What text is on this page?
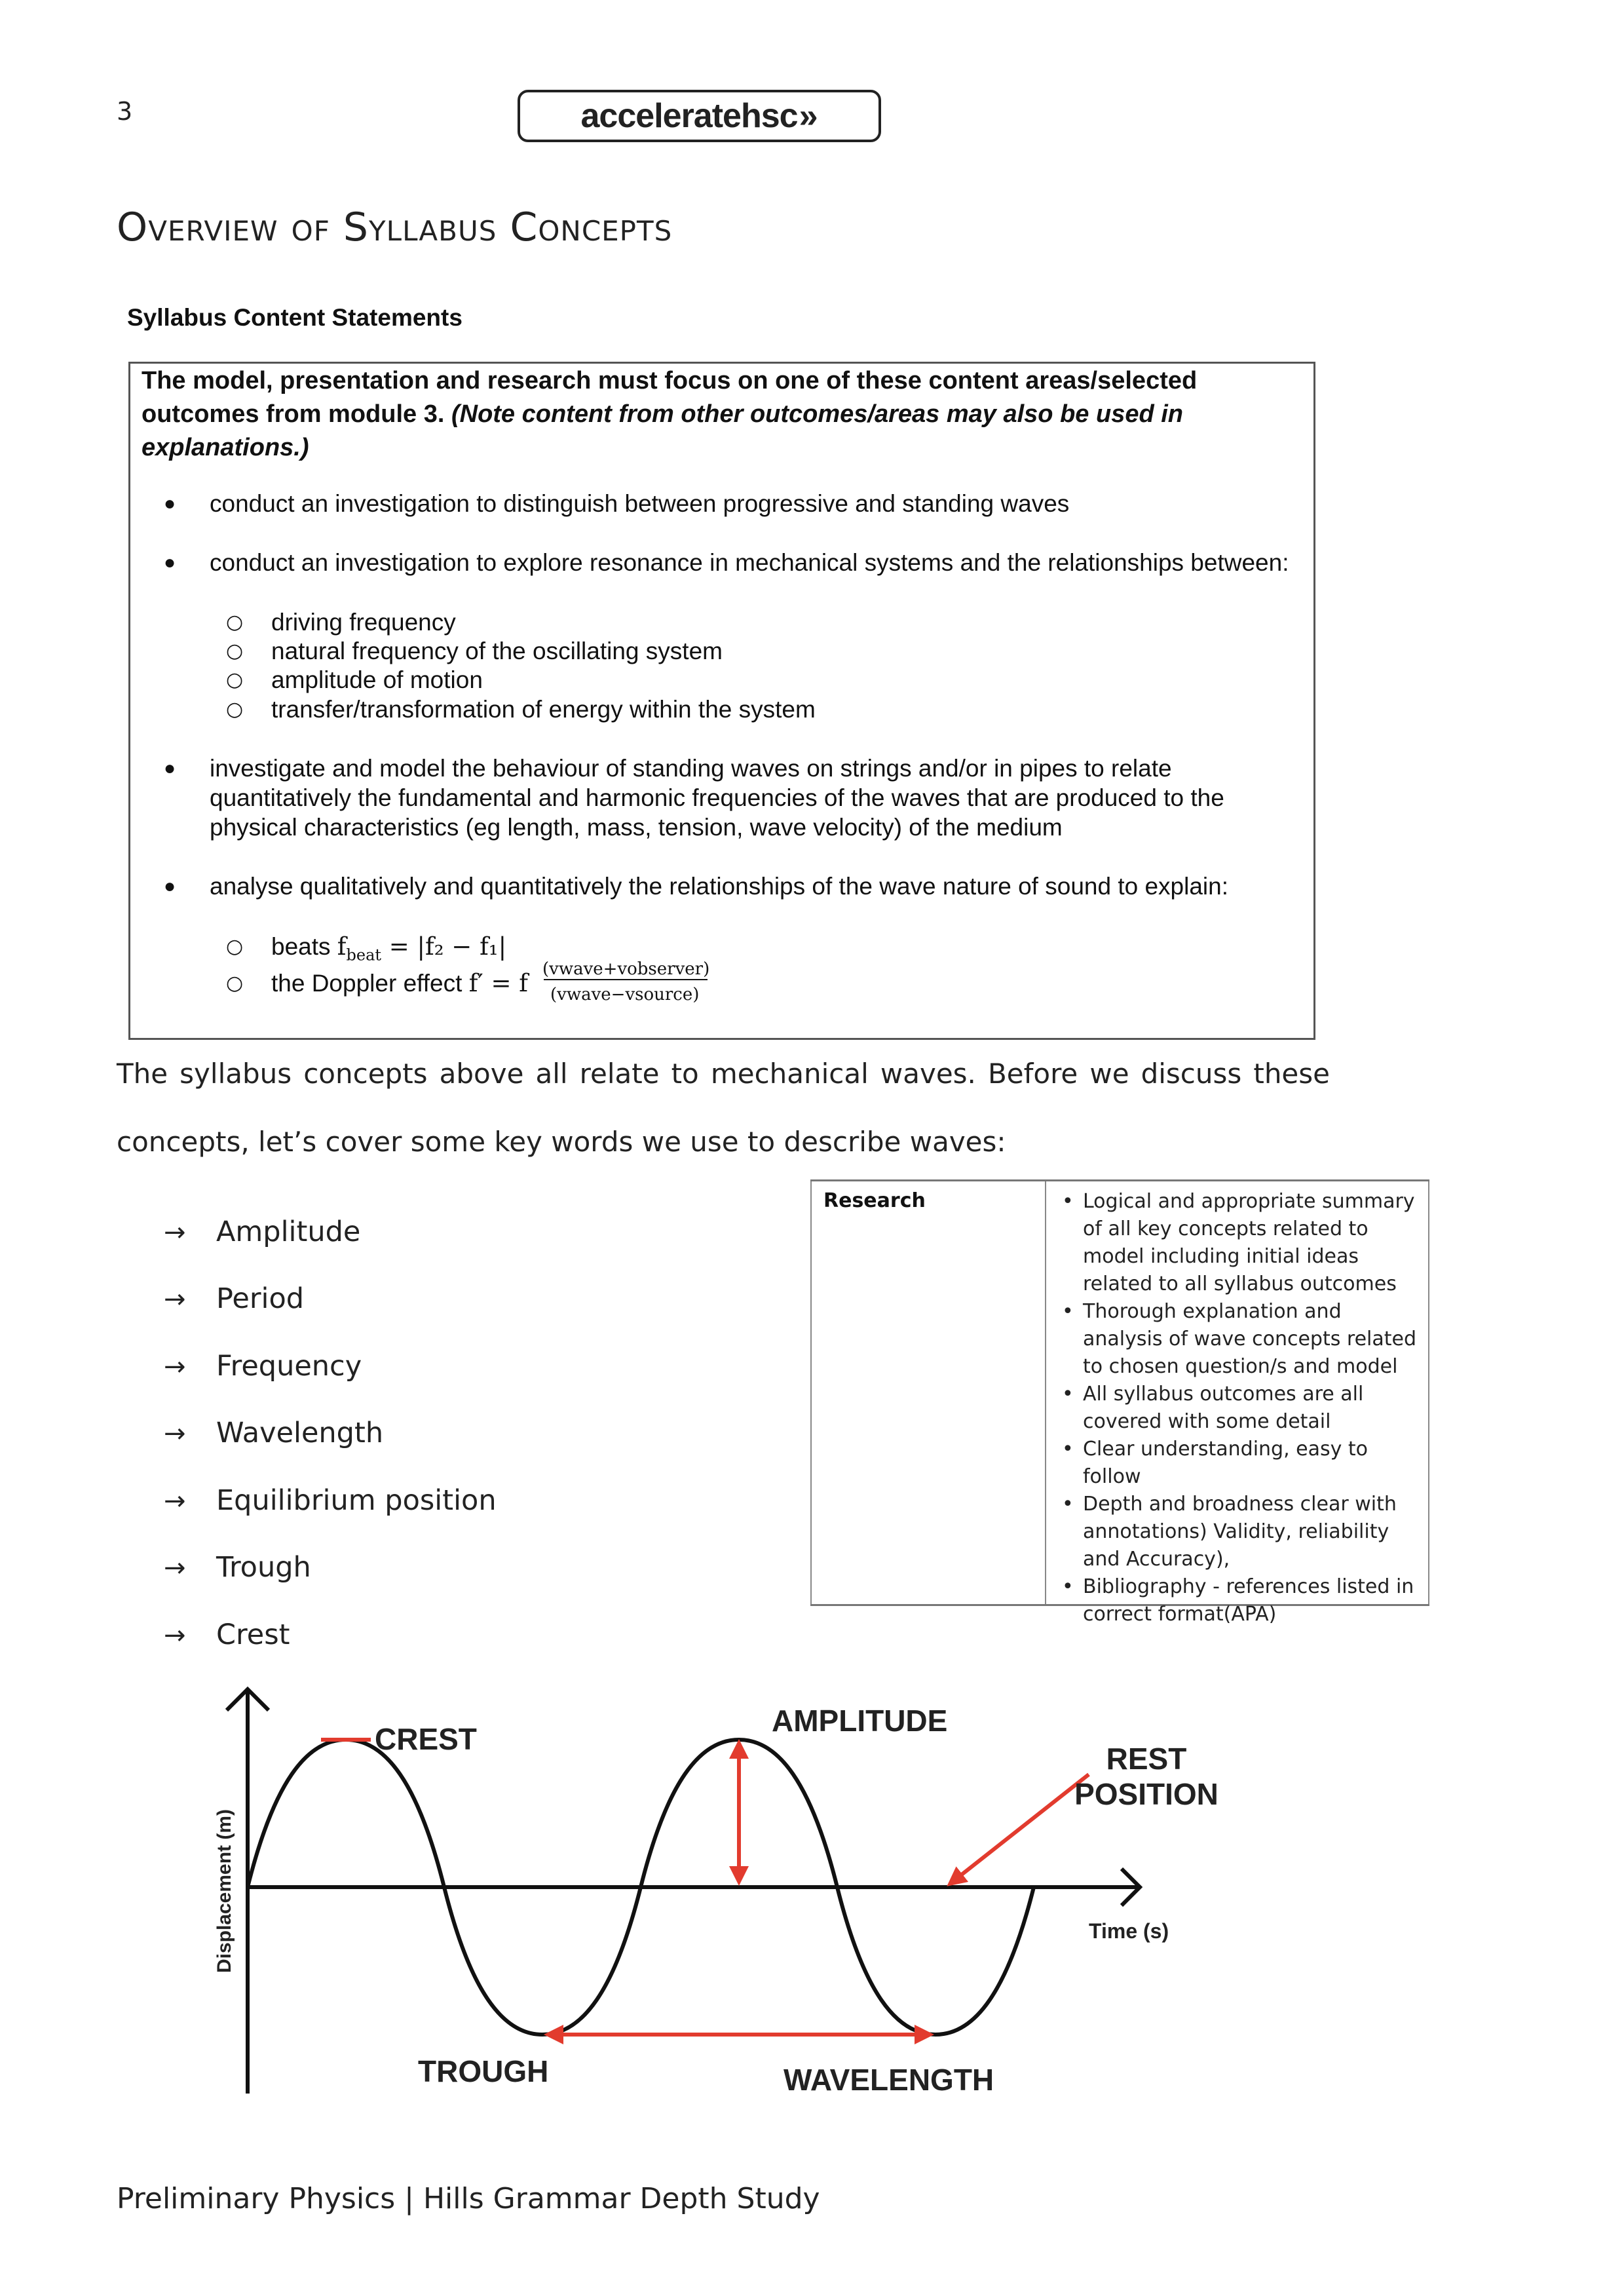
3	acceleratehsc »
Overview of Syllabus Concepts
Syllabus Content Statements
The model, presentation and research must focus on one of these content areas/selected outcomes from module 3. (Note content from other outcomes/areas may also be used in explanations.)
● conduct an investigation to distinguish between progressive and standing waves
● conduct an investigation to explore resonance in mechanical systems and the relationships between:
○ driving frequency
○ natural frequency of the oscillating system
○ amplitude of motion
○ transfer/transformation of energy within the system
● investigate and model the behaviour of standing waves on strings and/or in pipes to relate quantitatively the fundamental and harmonic frequencies of the waves that are produced to the physical characteristics (eg length, mass, tension, wave velocity) of the medium
● analyse qualitatively and quantitatively the relationships of the wave nature of sound to explain:
○ beats $f_{beat} = |f_2 - f_1|$
○ the Doppler effect f′ = f (vwave+vobserver)
(vwave−vsource)
The syllabus concepts above all relate to mechanical waves. Before we discuss these
concepts, let’s cover some key words we use to describe waves:
→ Amplitude
→ Period
→ Frequency
→ Wavelength
→ Equilibrium position
→ Trough
→ Crest
Research	• Logical and appropriate summary of all key concepts related to model including initial ideas related to all syllabus outcomes
• Thorough explanation and analysis of wave concepts related to chosen question/s and model
• All syllabus outcomes are all covered with some detail
• Clear understanding, easy to follow
• Depth and broadness clear with annotations) Validity, reliability and Accuracy),
• Bibliography - references listed in correct format(APA)
CREST
AMPLITUDE
REST
POSITION
TROUGH	WAVELENGTH
Time (s)
Displacement (m)
Preliminary Physics | Hills Grammar Depth Study
